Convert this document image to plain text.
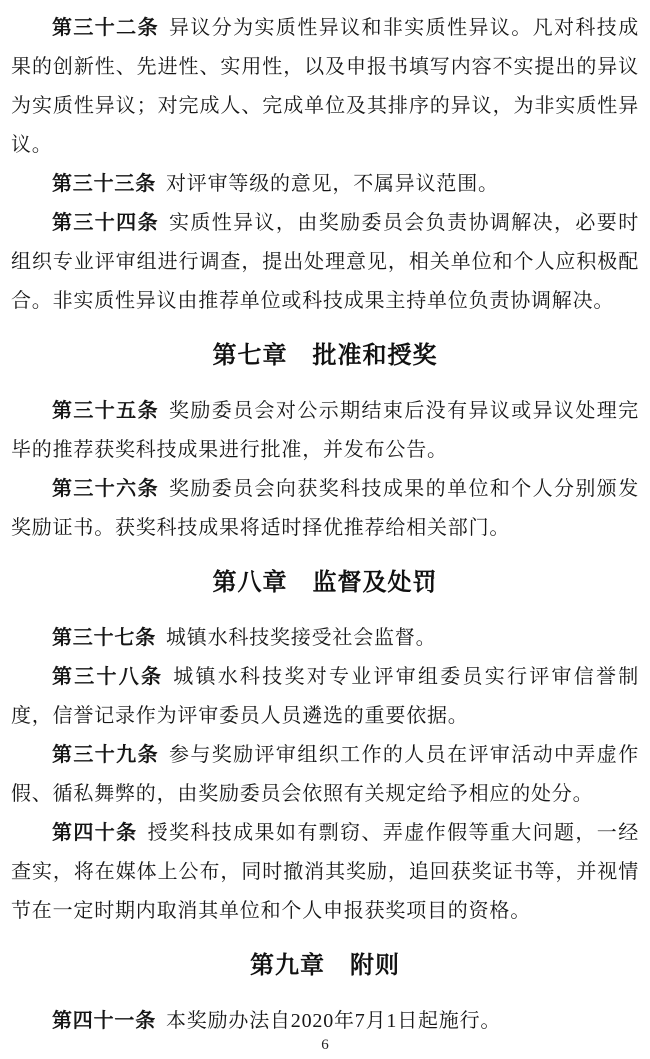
第三十二条 异议分为实质性异议和非实质性异议。凡对科技成果的创新性、先进性、实用性，以及申报书填写内容不实提出的异议为实质性异议；对完成人、完成单位及其排序的异议，为非实质性异议。

第三十三条 对评审等级的意见，不属异议范围。

第三十四条 实质性异议，由奖励委员会负责协调解决，必要时组织专业评审组进行调查，提出处理意见，相关单位和个人应积极配合。非实质性异议由推荐单位或科技成果主持单位负责协调解决。

第七章　批准和授奖

第三十五条 奖励委员会对公示期结束后没有异议或异议处理完毕的推荐获奖科技成果进行批准，并发布公告。

第三十六条 奖励委员会向获奖科技成果的单位和个人分别颁发奖励证书。获奖科技成果将适时择优推荐给相关部门。

第八章　监督及处罚

第三十七条 城镇水科技奖接受社会监督。

第三十八条 城镇水科技奖对专业评审组委员实行评审信誉制度，信誉记录作为评审委员人员遴选的重要依据。

第三十九条 参与奖励评审组织工作的人员在评审活动中弄虚作假、循私舞弊的，由奖励委员会依照有关规定给予相应的处分。

第四十条 授奖科技成果如有剽窃、弄虚作假等重大问题，一经查实，将在媒体上公布，同时撤消其奖励，追回获奖证书等，并视情节在一定时期内取消其单位和个人申报获奖项目的资格。

第九章　附则

第四十一条 本奖励办法自2020年7月1日起施行。

6
